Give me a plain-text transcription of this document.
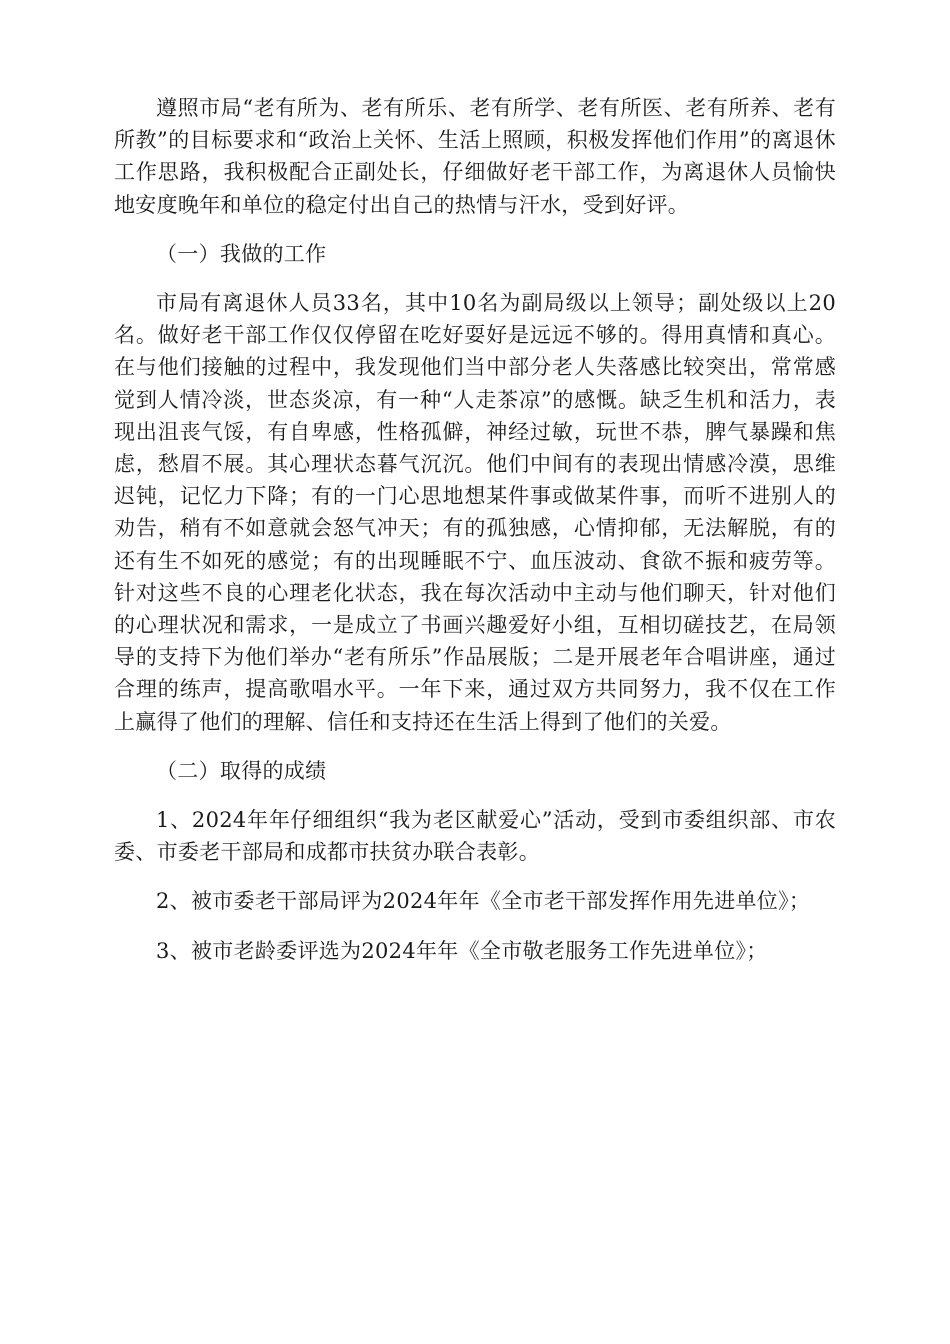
遵照市局“老有所为、老有所乐、老有所学、老有所医、老有所养、老有所教”的目标要求和“政治上关怀、生活上照顾，积极发挥他们作用”的离退休工作思路，我积极配合正副处长，仔细做好老干部工作，为离退休人员愉快地安度晚年和单位的稳定付出自己的热情与汗水，受到好评。

（一）我做的工作

市局有离退休人员33名，其中10名为副局级以上领导；副处级以上20名。做好老干部工作仅仅停留在吃好耍好是远远不够的。得用真情和真心。在与他们接触的过程中，我发现他们当中部分老人失落感比较突出，常常感觉到人情冷淡，世态炎凉，有一种“人走茶凉”的感慨。缺乏生机和活力，表现出沮丧气馁，有自卑感，性格孤僻，神经过敏，玩世不恭，脾气暴躁和焦虑，愁眉不展。其心理状态暮气沉沉。他们中间有的表现出情感冷漠，思维迟钝，记忆力下降；有的一门心思地想某件事或做某件事，而听不进别人的劝告，稍有不如意就会怒气冲天；有的孤独感，心情抑郁，无法解脱，有的还有生不如死的感觉；有的出现睡眠不宁、血压波动、食欲不振和疲劳等。针对这些不良的心理老化状态，我在每次活动中主动与他们聊天，针对他们的心理状况和需求，一是成立了书画兴趣爱好小组，互相切磋技艺，在局领导的支持下为他们举办“老有所乐”作品展版；二是开展老年合唱讲座，通过合理的练声，提高歌唱水平。一年下来，通过双方共同努力，我不仅在工作上赢得了他们的理解、信任和支持还在生活上得到了他们的关爱。

（二）取得的成绩

1、2024年年仔细组织“我为老区献爱心”活动，受到市委组织部、市农委、市委老干部局和成都市扶贫办联合表彰。

2、被市委老干部局评为2024年年《全市老干部发挥作用先进单位》；

3、被市老龄委评选为2024年年《全市敬老服务工作先进单位》；
